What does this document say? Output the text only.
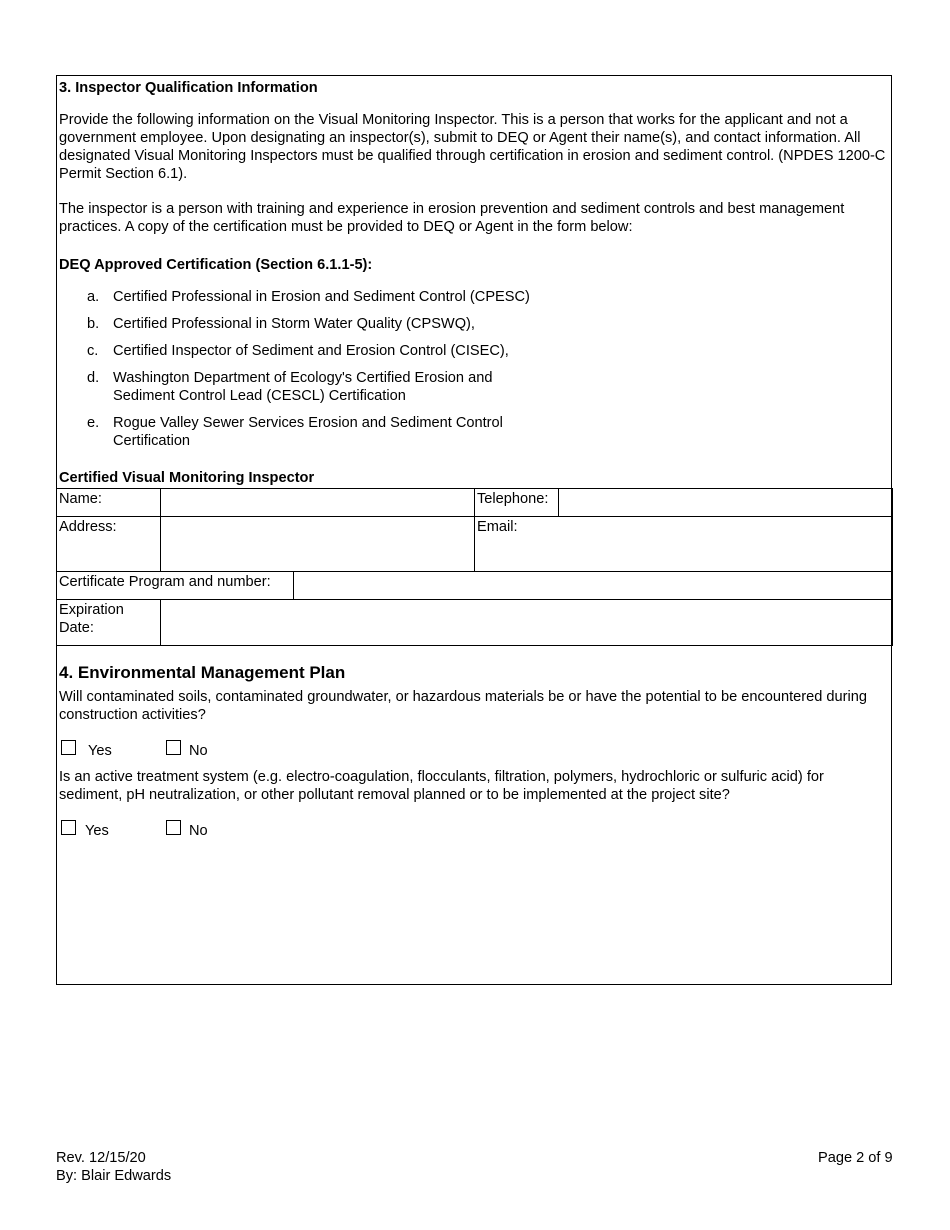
3. Inspector Qualification Information
Provide the following information on the Visual Monitoring Inspector. This is a person that works for the applicant and not a government employee. Upon designating an inspector(s), submit to DEQ or Agent their name(s), and contact information. All designated Visual Monitoring Inspectors must be qualified through certification in erosion and sediment control. (NPDES 1200-C Permit Section 6.1).
The inspector is a person with training and experience in erosion prevention and sediment controls and best management practices. A copy of the certification must be provided to DEQ or Agent in the form below:
DEQ Approved Certification (Section 6.1.1-5):
a. Certified Professional in Erosion and Sediment Control (CPESC)
b. Certified Professional in Storm Water Quality (CPSWQ),
c.	Certified Inspector of Sediment and Erosion Control (CISEC),
d. Washington Department of Ecology's Certified Erosion and Sediment Control Lead (CESCL) Certification
e. Rogue Valley Sewer Services Erosion and Sediment Control Certification
Certified Visual Monitoring Inspector
Name:	Telephone:
Address:	Email:
Certificate Program and number:
Expiration Date:
4. Environmental Management Plan
Will contaminated soils, contaminated groundwater, or hazardous materials be or have the potential to be encountered during construction activities?
Yes	No
Is an active treatment system (e.g. electro-coagulation, flocculants, filtration, polymers, hydrochloric or sulfuric acid) for sediment, pH neutralization, or other pollutant removal planned or to be implemented at the project site?
Yes	No
Rev. 12/15/20
By: Blair Edwards
Page 2 of 9
